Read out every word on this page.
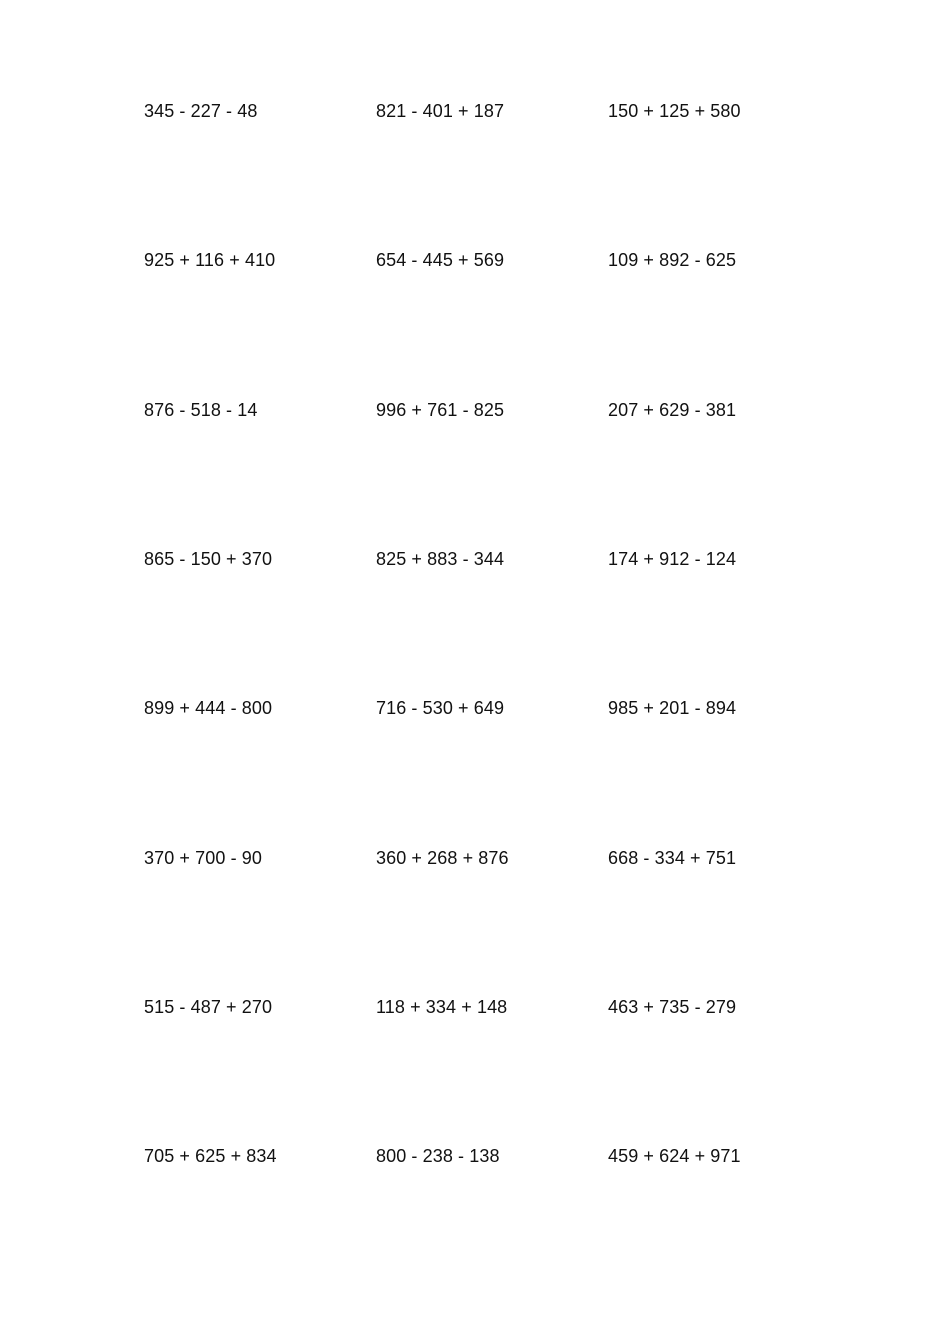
345 - 227 - 48	821 - 401 + 187	150 + 125 + 580
925 + 116 + 410	654 - 445 + 569	109 + 892 - 625
876 - 518 - 14	996 + 761 - 825	207 + 629 - 381
865 - 150 + 370	825 + 883 - 344	174 + 912 - 124
899 + 444 - 800	716 - 530 + 649	985 + 201 - 894
370 + 700 - 90	360 + 268 + 876	668 - 334 + 751
515 - 487 + 270	118 + 334 + 148	463 + 735 - 279
705 + 625 + 834	800 - 238 - 138	459 + 624 + 971
